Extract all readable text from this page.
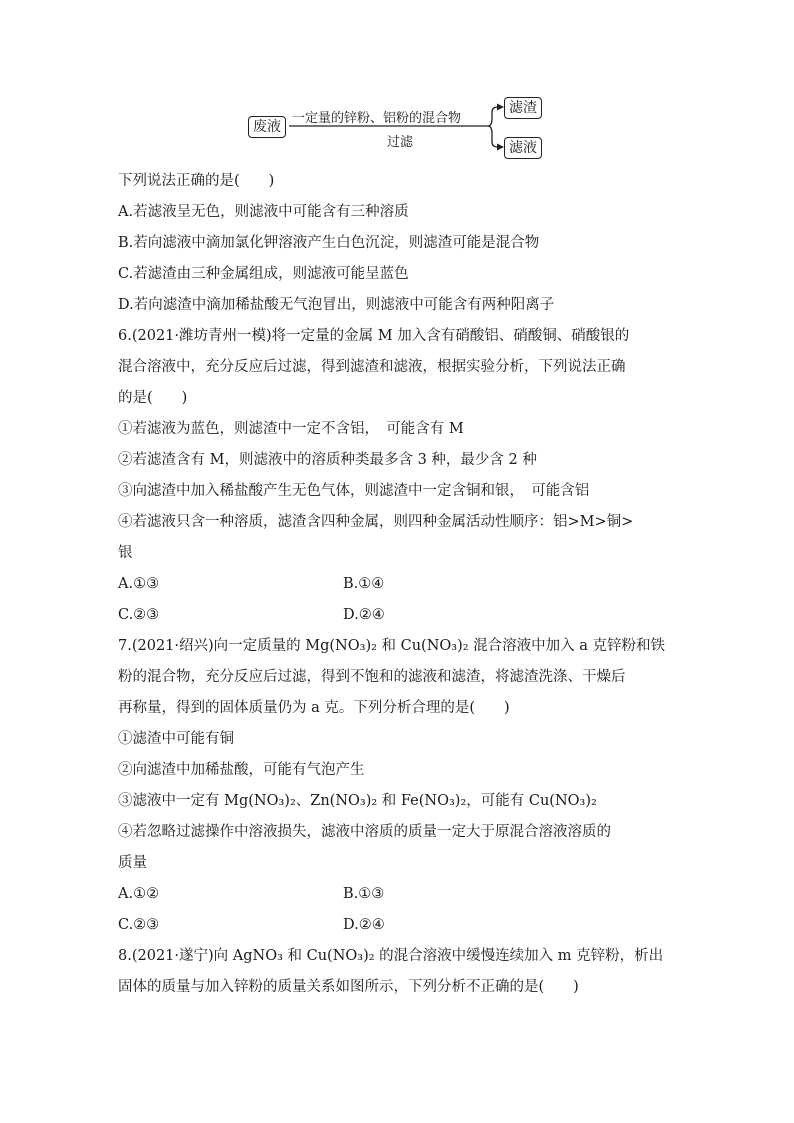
废液
一定量的锌粉、铝粉的混合物
过滤
滤渣
滤液
下列说法正确的是(　　)
A.若滤液呈无色，则滤液中可能含有三种溶质
B.若向滤液中滴加氯化钾溶液产生白色沉淀，则滤渣可能是混合物
C.若滤渣由三种金属组成，则滤液可能呈蓝色
D.若向滤渣中滴加稀盐酸无气泡冒出，则滤液中可能含有两种阳离子
6.(2021·潍坊青州一模)将一定量的金属 M 加入含有硝酸铝、硝酸铜、硝酸银的
混合溶液中，充分反应后过滤，得到滤渣和滤液，根据实验分析，下列说法正确
的是(　　)
①若滤液为蓝色，则滤渣中一定不含铝，　可能含有 M
②若滤渣含有 M，则滤液中的溶质种类最多含 3 种，最少含 2 种
③向滤渣中加入稀盐酸产生无色气体，则滤渣中一定含铜和银，　可能含铝
④若滤液只含一种溶质，滤渣含四种金属，则四种金属活动性顺序：铝>M>铜>
银
A.①③	B.①④
C.②③	D.②④
7.(2021·绍兴)向一定质量的 Mg(NO₃)₂ 和 Cu(NO₃)₂ 混合溶液中加入 a 克锌粉和铁
粉的混合物，充分反应后过滤，得到不饱和的滤液和滤渣，将滤渣洗涤、干燥后
再称量，得到的固体质量仍为 a 克。下列分析合理的是(　　)
①滤渣中可能有铜
②向滤渣中加稀盐酸，可能有气泡产生
③滤液中一定有 Mg(NO₃)₂、Zn(NO₃)₂ 和 Fe(NO₃)₂，可能有 Cu(NO₃)₂
④若忽略过滤操作中溶液损失，滤液中溶质的质量一定大于原混合溶液溶质的
质量
A.①②	B.①③
C.②③	D.②④
8.(2021·遂宁)向 AgNO₃ 和 Cu(NO₃)₂ 的混合溶液中缓慢连续加入 m 克锌粉，析出
固体的质量与加入锌粉的质量关系如图所示，下列分析不正确的是(　　)
